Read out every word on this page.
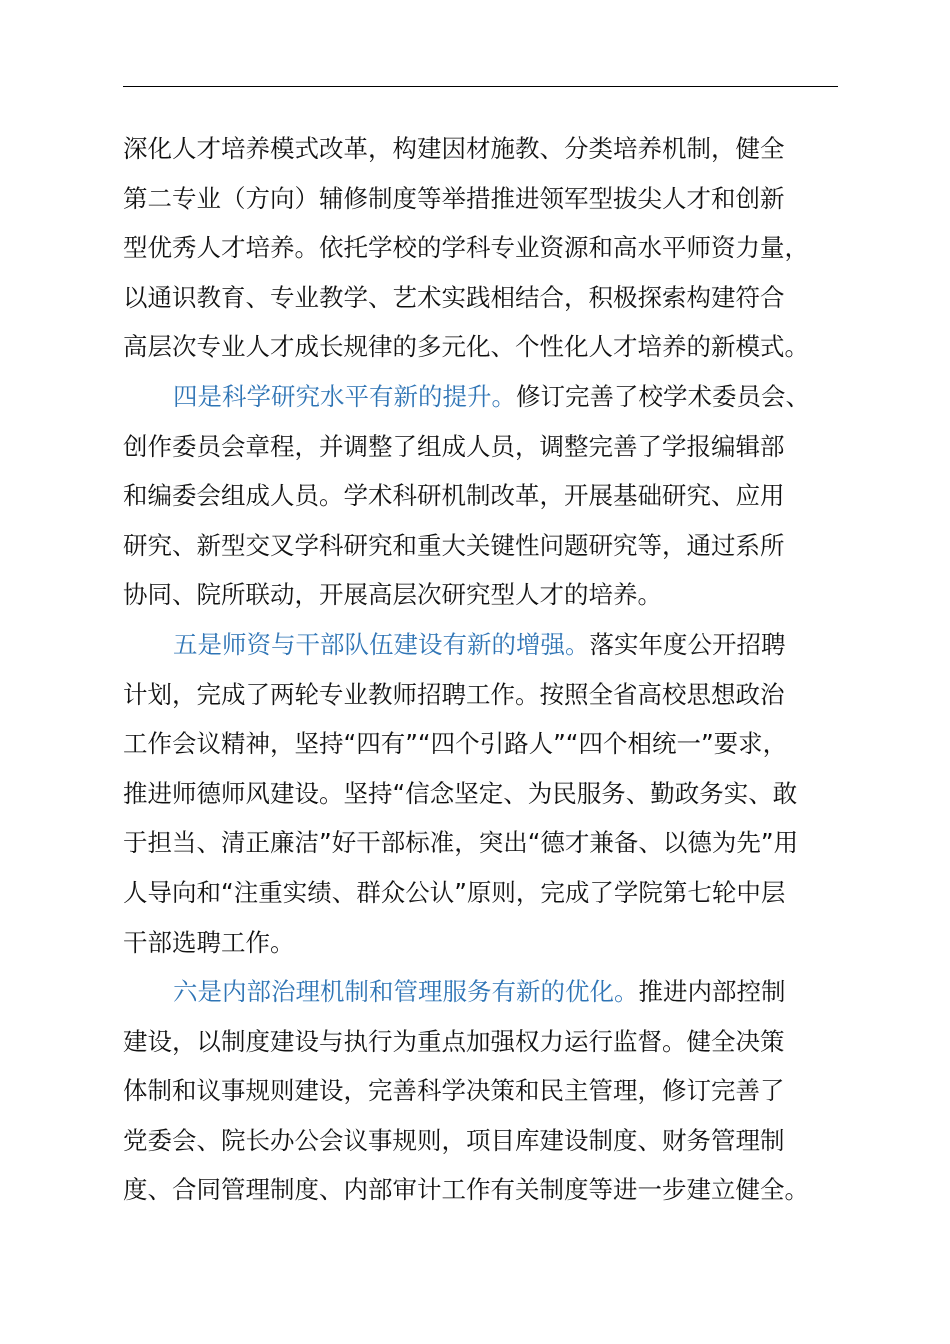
深化人才培养模式改革，构建因材施教、分类培养机制，健全
第二专业（方向）辅修制度等举措推进领军型拔尖人才和创新
型优秀人才培养。依托学校的学科专业资源和高水平师资力量，
以通识教育、专业教学、艺术实践相结合，积极探索构建符合
高层次专业人才成长规律的多元化、个性化人才培养的新模式。
四是科学研究水平有新的提升。修订完善了校学术委员会、
创作委员会章程，并调整了组成人员，调整完善了学报编辑部
和编委会组成人员。学术科研机制改革，开展基础研究、应用
研究、新型交叉学科研究和重大关键性问题研究等，通过系所
协同、院所联动，开展高层次研究型人才的培养。
五是师资与干部队伍建设有新的增强。落实年度公开招聘
计划，完成了两轮专业教师招聘工作。按照全省高校思想政治
工作会议精神，坚持“四有”“四个引路人”“四个相统一”要求，
推进师德师风建设。坚持“信念坚定、为民服务、勤政务实、敢
于担当、清正廉洁”好干部标准，突出“德才兼备、以德为先”用
人导向和“注重实绩、群众公认”原则，完成了学院第七轮中层
干部选聘工作。
六是内部治理机制和管理服务有新的优化。推进内部控制
建设，以制度建设与执行为重点加强权力运行监督。健全决策
体制和议事规则建设，完善科学决策和民主管理，修订完善了
党委会、院长办公会议事规则，项目库建设制度、财务管理制
度、合同管理制度、内部审计工作有关制度等进一步建立健全。
